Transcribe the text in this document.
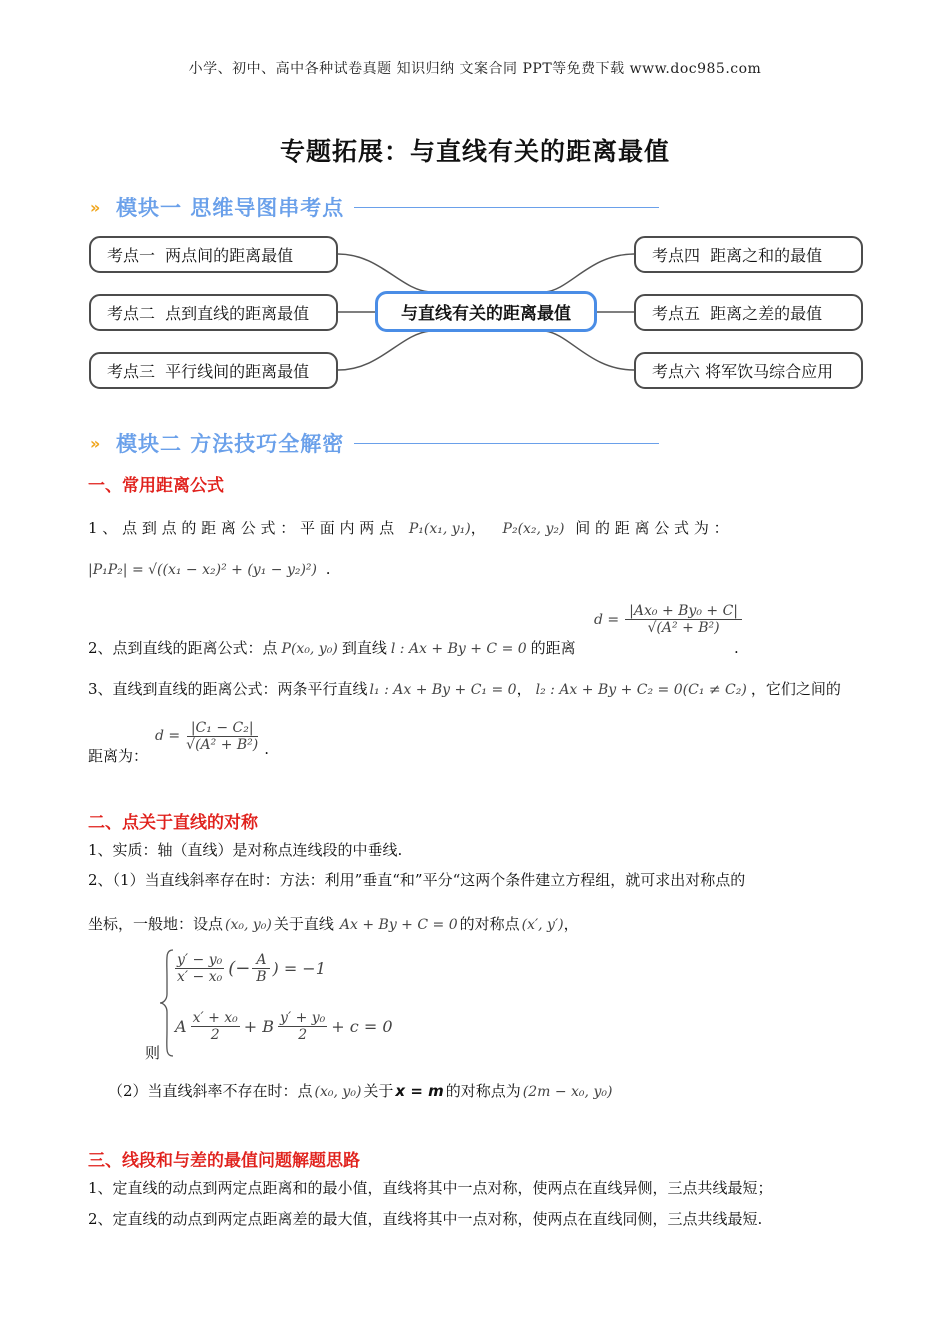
小学、初中、高中各种试卷真题 知识归纳 文案合同 PPT等免费下载 www.doc985.com
专题拓展：与直线有关的距离最值
» 模块一 思维导图串考点
考点一  两点间的距离最值
考点二  点到直线的距离最值
考点三  平行线间的距离最值
与直线有关的距离最值
考点四  距离之和的最值
考点五  距离之差的最值
考点六 将军饮马综合应用
» 模块二 方法技巧全解密
一、常用距离公式
1 、 点 到 点 的 距 离 公 式 ： 平 面 内 两 点 P₁(x₁, y₁)， P₂(x₂, y₂) 间 的 距 离 公 式 为 ：
|P₁P₂| = √((x₁ − x₂)² + (y₁ − y₂)²) .
2、点到直线的距离公式：点 P(x₀, y₀) 到直线 l : Ax + By + C = 0 的距离
$d = \frac{\text{|Ax₀ + By₀ + C|}}{\text{√(A² + B²)}}$
.
3、直线到直线的距离公式：两条平行直线 l₁ : Ax + By + C₁ = 0， l₂ : Ax + By + C₂ = 0(C₁ ≠ C₂) ，它们之间的
距离为：
$d = \frac{\text{|C₁ − C₂|}}{\text{√(A² + B²)}}$ .
二、点关于直线的对称
1、实质：轴（直线）是对称点连线段的中垂线.
2、（1）当直线斜率存在时：方法：利用”垂直“和”平分“这两个条件建立方程组，就可求出对称点的
坐标，一般地：设点 (x₀, y₀) 关于直线 Ax + By + C = 0 的对称点 (x′, y′)，
$\frac{\text{y′ − y₀}}{\text{x′ − x₀}}$ (− $\frac{A}{B}$ ) = −1
A $\frac{\text{x′ + x₀}}{2} + B \frac{\text{y′ + y₀}}{2} + c = 0$
则
（2）当直线斜率不存在时：点 (x₀, y₀) 关于 x = m 的对称点为 (2m − x₀, y₀)
三、线段和与差的最值问题解题思路
1、定直线的动点到两定点距离和的最小值，直线将其中一点对称，使两点在直线异侧，三点共线最短；
2、定直线的动点到两定点距离差的最大值，直线将其中一点对称，使两点在直线同侧，三点共线最短.
